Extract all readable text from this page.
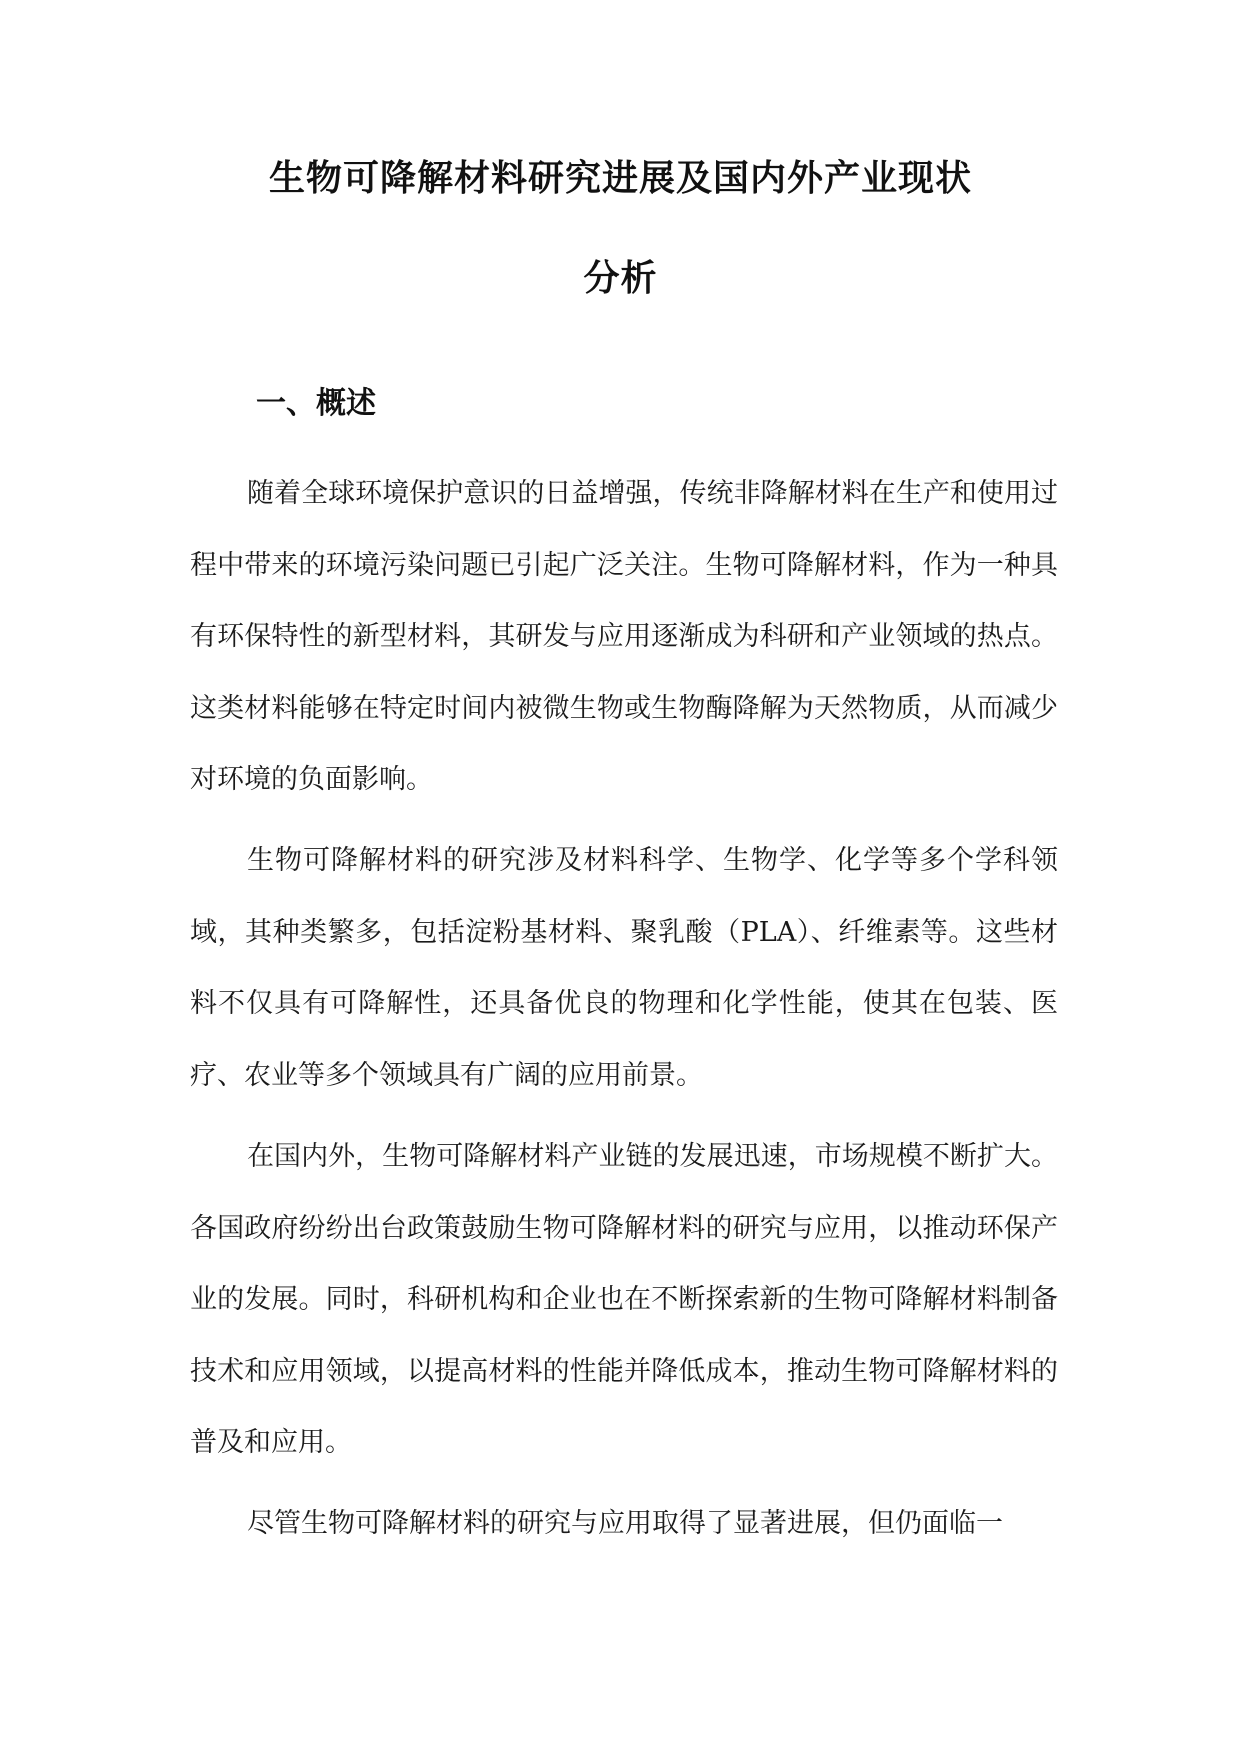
生物可降解材料研究进展及国内外产业现状
分析
一、概述

随着全球环境保护意识的日益增强，传统非降解材料在生产和使用过程中带来的环境污染问题已引起广泛关注。生物可降解材料，作为一种具有环保特性的新型材料，其研发与应用逐渐成为科研和产业领域的热点。这类材料能够在特定时间内被微生物或生物酶降解为天然物质，从而减少对环境的负面影响。

生物可降解材料的研究涉及材料科学、生物学、化学等多个学科领域，其种类繁多，包括淀粉基材料、聚乳酸（PLA）、纤维素等。这些材料不仅具有可降解性，还具备优良的物理和化学性能，使其在包装、医疗、农业等多个领域具有广阔的应用前景。

在国内外，生物可降解材料产业链的发展迅速，市场规模不断扩大。各国政府纷纷出台政策鼓励生物可降解材料的研究与应用，以推动环保产业的发展。同时，科研机构和企业也在不断探索新的生物可降解材料制备技术和应用领域，以提高材料的性能并降低成本，推动生物可降解材料的普及和应用。

尽管生物可降解材料的研究与应用取得了显著进展，但仍面临一
